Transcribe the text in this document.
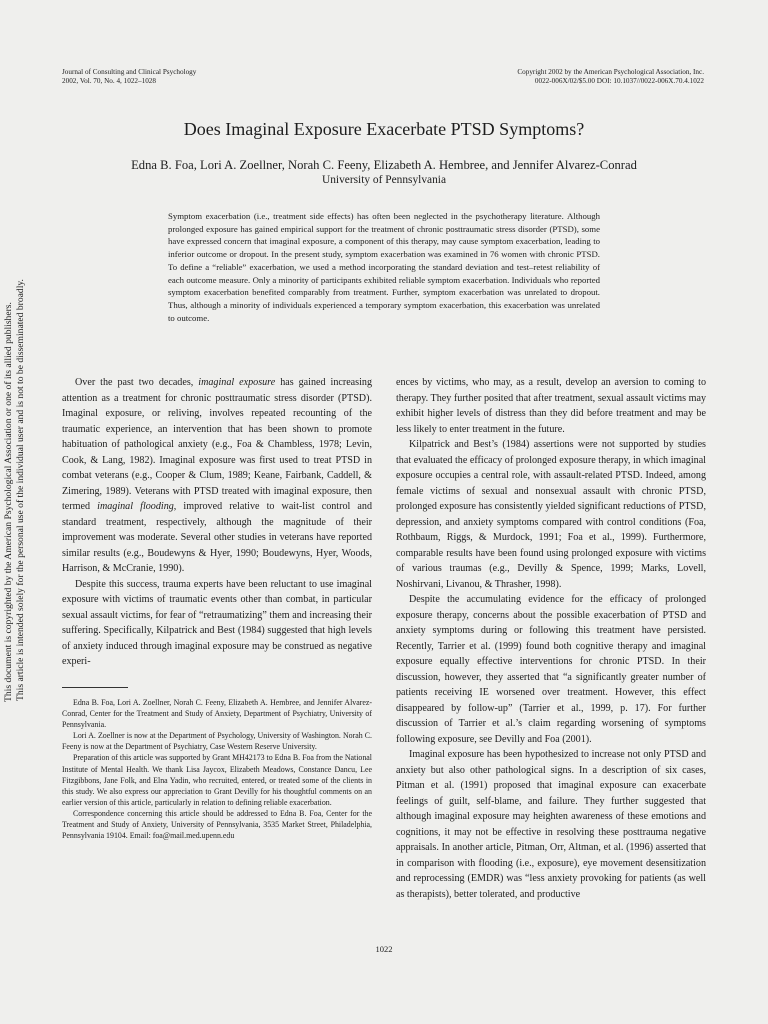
Journal of Consulting and Clinical Psychology
2002, Vol. 70, No. 4, 1022–1028
Copyright 2002 by the American Psychological Association, Inc.
0022-006X/02/$5.00 DOI: 10.1037//0022-006X.70.4.1022
This document is copyrighted by the American Psychological Association or one of its allied publishers. This article is intended solely for the personal use of the individual user and is not to be disseminated broadly.
Does Imaginal Exposure Exacerbate PTSD Symptoms?
Edna B. Foa, Lori A. Zoellner, Norah C. Feeny, Elizabeth A. Hembree, and Jennifer Alvarez-Conrad
University of Pennsylvania
Symptom exacerbation (i.e., treatment side effects) has often been neglected in the psychotherapy literature. Although prolonged exposure has gained empirical support for the treatment of chronic posttraumatic stress disorder (PTSD), some have expressed concern that imaginal exposure, a component of this therapy, may cause symptom exacerbation, leading to inferior outcome or dropout. In the present study, symptom exacerbation was examined in 76 women with chronic PTSD. To define a “reliable” exacerbation, we used a method incorporating the standard deviation and test–retest reliability of each outcome measure. Only a minority of participants exhibited reliable symptom exacerbation. Individuals who reported symptom exacerbation benefited comparably from treatment. Further, symptom exacerbation was unrelated to dropout. Thus, although a minority of individuals experienced a temporary symptom exacerbation, this exacerbation was unrelated to outcome.

Over the past two decades, imaginal exposure has gained increasing attention as a treatment for chronic posttraumatic stress disorder (PTSD). Imaginal exposure, or reliving, involves repeated recounting of the traumatic experience, an intervention that has been shown to promote habituation of pathological anxiety (e.g., Foa & Chambless, 1978; Levin, Cook, & Lang, 1982). Imaginal exposure was first used to treat PTSD in combat veterans (e.g., Cooper & Clum, 1989; Keane, Fairbank, Caddell, & Zimering, 1989). Veterans with PTSD treated with imaginal exposure, then termed imaginal flooding, improved relative to wait-list control and standard treatment, respectively, although the magnitude of their improvement was moderate. Several other studies in veterans have reported similar results (e.g., Boudewyns & Hyer, 1990; Boudewyns, Hyer, Woods, Harrison, & McCranie, 1990).

Despite this success, trauma experts have been reluctant to use imaginal exposure with victims of traumatic events other than combat, in particular sexual assault victims, for fear of “retraumatizing” them and increasing their suffering. Specifically, Kilpatrick and Best (1984) suggested that high levels of anxiety induced through imaginal exposure may be construed as negative experi-

Edna B. Foa, Lori A. Zoellner, Norah C. Feeny, Elizabeth A. Hembree, and Jennifer Alvarez-Conrad, Center for the Treatment and Study of Anxiety, Department of Psychiatry, University of Pennsylvania.

Lori A. Zoellner is now at the Department of Psychology, University of Washington. Norah C. Feeny is now at the Department of Psychiatry, Case Western Reserve University.

Preparation of this article was supported by Grant MH42173 to Edna B. Foa from the National Institute of Mental Health. We thank Lisa Jaycox, Elizabeth Meadows, Constance Dancu, Lee Fitzgibbons, Jane Folk, and Elna Yadin, who recruited, entered, or treated some of the clients in this study. We also express our appreciation to Grant Devilly for his thoughtful comments on an earlier version of this article, particularly in relation to defining reliable exacerbation.

Correspondence concerning this article should be addressed to Edna B. Foa, Center for the Treatment and Study of Anxiety, University of Pennsylvania, 3535 Market Street, Philadelphia, Pennsylvania 19104. Email: foa@mail.med.upenn.edu

ences by victims, who may, as a result, develop an aversion to coming to therapy. They further posited that after treatment, sexual assault victims may exhibit higher levels of distress than they did before treatment and may be less likely to enter treatment in the future.

Kilpatrick and Best’s (1984) assertions were not supported by studies that evaluated the efficacy of prolonged exposure therapy, in which imaginal exposure occupies a central role, with assault-related PTSD. Indeed, among female victims of sexual and nonsexual assault with chronic PTSD, prolonged exposure has consistently yielded significant reductions of PTSD, depression, and anxiety symptoms compared with control conditions (Foa, Rothbaum, Riggs, & Murdock, 1991; Foa et al., 1999). Furthermore, comparable results have been found using prolonged exposure with victims of various traumas (e.g., Devilly & Spence, 1999; Marks, Lovell, Noshirvani, Livanou, & Thrasher, 1998).

Despite the accumulating evidence for the efficacy of prolonged exposure therapy, concerns about the possible exacerbation of PTSD and anxiety symptoms during or following this treatment have persisted. Recently, Tarrier et al. (1999) found both cognitive therapy and imaginal exposure equally effective interventions for chronic PTSD. In their discussion, however, they asserted that “a significantly greater number of patients receiving IE worsened over treatment. However, this effect disappeared by follow-up” (Tarrier et al., 1999, p. 17). For further discussion of Tarrier et al.’s claim regarding worsening of symptoms following exposure, see Devilly and Foa (2001).

Imaginal exposure has been hypothesized to increase not only PTSD and anxiety but also other pathological signs. In a description of six cases, Pitman et al. (1991) proposed that imaginal exposure can exacerbate feelings of guilt, self-blame, and failure. They further suggested that although imaginal exposure may heighten awareness of these emotions and cognitions, it may not be effective in resolving these posttrauma negative appraisals. In another article, Pitman, Orr, Altman, et al. (1996) asserted that in comparison with flooding (i.e., exposure), eye movement desensitization and reprocessing (EMDR) was “less anxiety provoking for patients (as well as therapists), better tolerated, and productive

1022
